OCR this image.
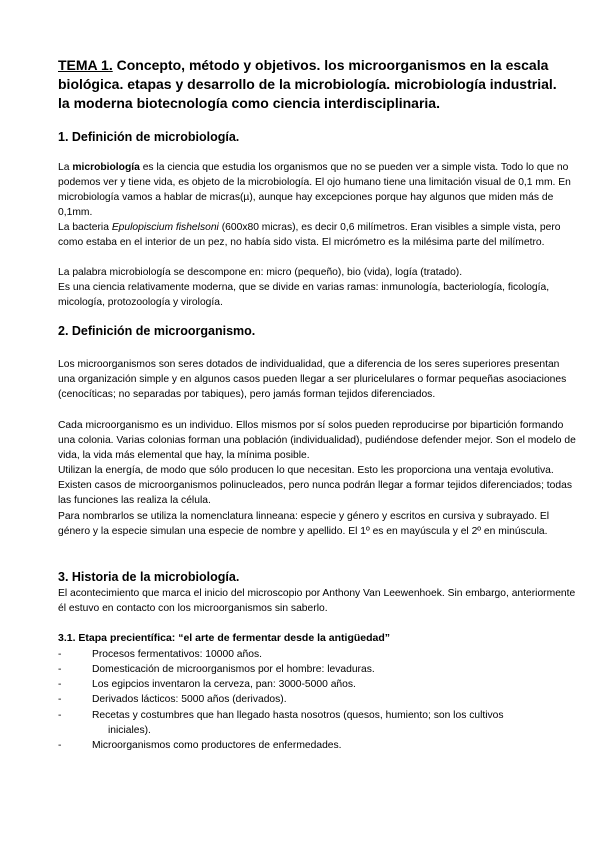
TEMA 1. Concepto, método y objetivos. los microorganismos en la escala biológica. etapas y desarrollo de la microbiología. microbiología industrial. la moderna biotecnología como ciencia interdisciplinaria.
1. Definición de microbiología.

La microbiología es la ciencia que estudia los organismos que no se pueden ver a simple vista. Todo lo que no podemos ver y tiene vida, es objeto de la microbiología. El ojo humano tiene una limitación visual de 0,1 mm. En microbiología vamos a hablar de micras(µ), aunque hay excepciones porque hay algunos que miden más de 0,1mm.

La bacteria Epulopiscium fishelsoni (600x80 micras), es decir 0,6 milímetros. Eran visibles a simple vista, pero como estaba en el interior de un pez, no había sido vista. El micrómetro es la milésima parte del milímetro.

La palabra microbiología se descompone en: micro (pequeño), bio (vida), logía (tratado).

Es una ciencia relativamente moderna, que se divide en varias ramas: inmunología, bacteriología, ficología, micología, protozoología y virología.

2. Definición de microorganismo.

Los microorganismos son seres dotados de individualidad, que a diferencia de los seres superiores presentan una organización simple y en algunos casos pueden llegar a ser pluricelulares o formar pequeñas asociaciones (cenocíticas; no separadas por tabiques), pero jamás forman tejidos diferenciados.

Cada microorganismo es un individuo. Ellos mismos por sí solos pueden reproducirse por bipartición formando una colonia. Varias colonias forman una población (individualidad), pudiéndose defender mejor. Son el modelo de vida, la vida más elemental que hay, la mínima posible.

Utilizan la energía, de modo que sólo producen lo que necesitan. Esto les proporciona una ventaja evolutiva. Existen casos de microorganismos polinucleados, pero nunca podrán llegar a formar tejidos diferenciados; todas las funciones las realiza la célula.

Para nombrarlos se utiliza la nomenclatura linneana: especie y género y escritos en cursiva y subrayado. El género y la especie simulan una especie de nombre y apellido. El 1º es en mayúscula y el 2º en minúscula.

3. Historia de la microbiología.

El acontecimiento que marca el inicio del microscopio por Anthony Van Leewenhoek. Sin embargo, anteriormente él estuvo en contacto con los microorganismos sin saberlo.

3.1. Etapa precientífica: “el arte de fermentar desde la antigüedad”
-	Procesos fermentativos: 10000 años.
-	Domesticación de microorganismos por el hombre: levaduras.
-	Los egipcios inventaron la cerveza, pan: 3000-5000 años.
-	Derivados lácticos: 5000 años (derivados).
-	Recetas y costumbres que han llegado hasta nosotros (quesos, humiento; son los cultivos
iniciales).
-	Microorganismos como productores de enfermedades.
